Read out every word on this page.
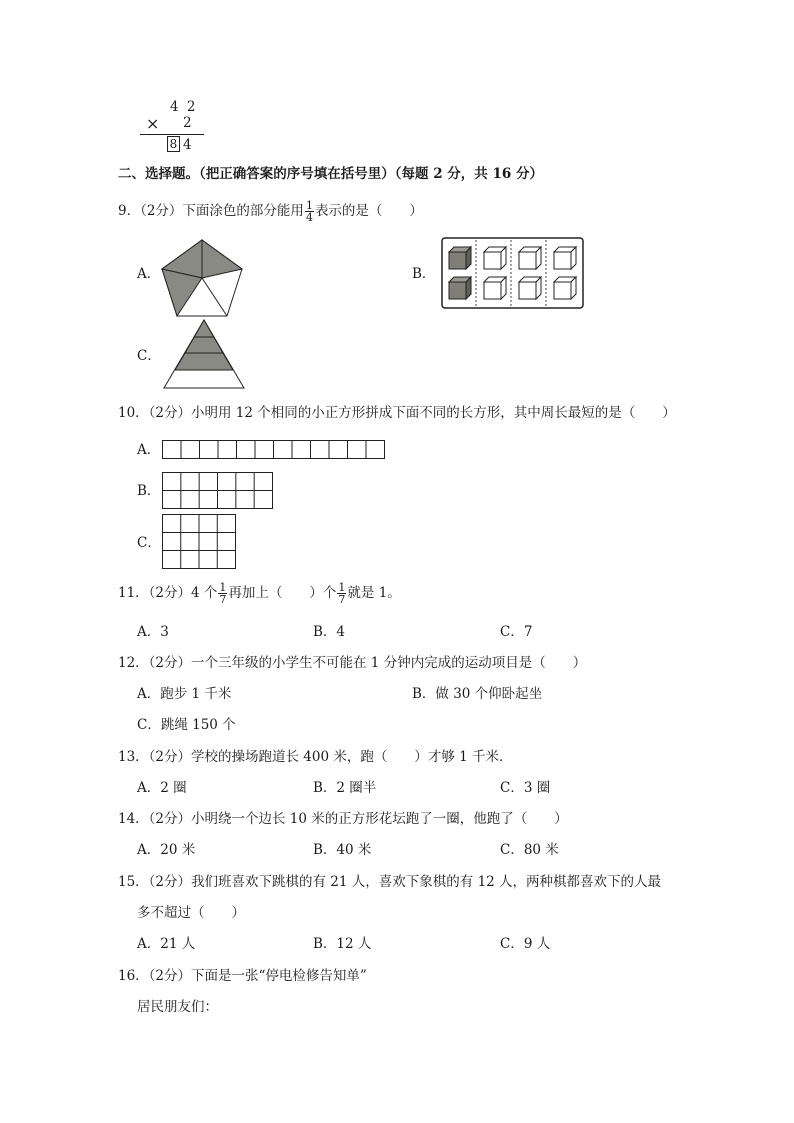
4 2
× 2
8 4
二、选择题。（把正确答案的序号填在括号里）（每题 2 分，共 16 分）
9．（2分）下面涂色的部分能用 $\frac{1}{4}$ 表示的是（　　）
A．	B．
C．
10．（2分）小明用 12 个相同的小正方形拼成下面不同的长方形，其中周长最短的是（　　）
A．
B．
C．
11．（2分）4 个 $\frac{1}{7}$ 再加上（　　）个 $\frac{1}{7}$ 就是 1。
A．3	B．4	C．7
12．（2分）一个三年级的小学生不可能在 1 分钟内完成的运动项目是（　　）
A．跑步 1 千米	B．做 30 个仰卧起坐
C．跳绳 150 个
13．（2分）学校的操场跑道长 400 米，跑（　　）才够 1 千米．
A．2 圈	B．2 圈半	C．3 圈
14．（2分）小明绕一个边长 10 米的正方形花坛跑了一圈，他跑了（　　）
A．20 米	B．40 米	C．80 米
15．（2分）我们班喜欢下跳棋的有 21 人，喜欢下象棋的有 12 人，两种棋都喜欢下的人最
多不超过（　　）
A．21 人	B．12 人	C．9 人
16．（2分）下面是一张“停电检修告知单”
居民朋友们：
